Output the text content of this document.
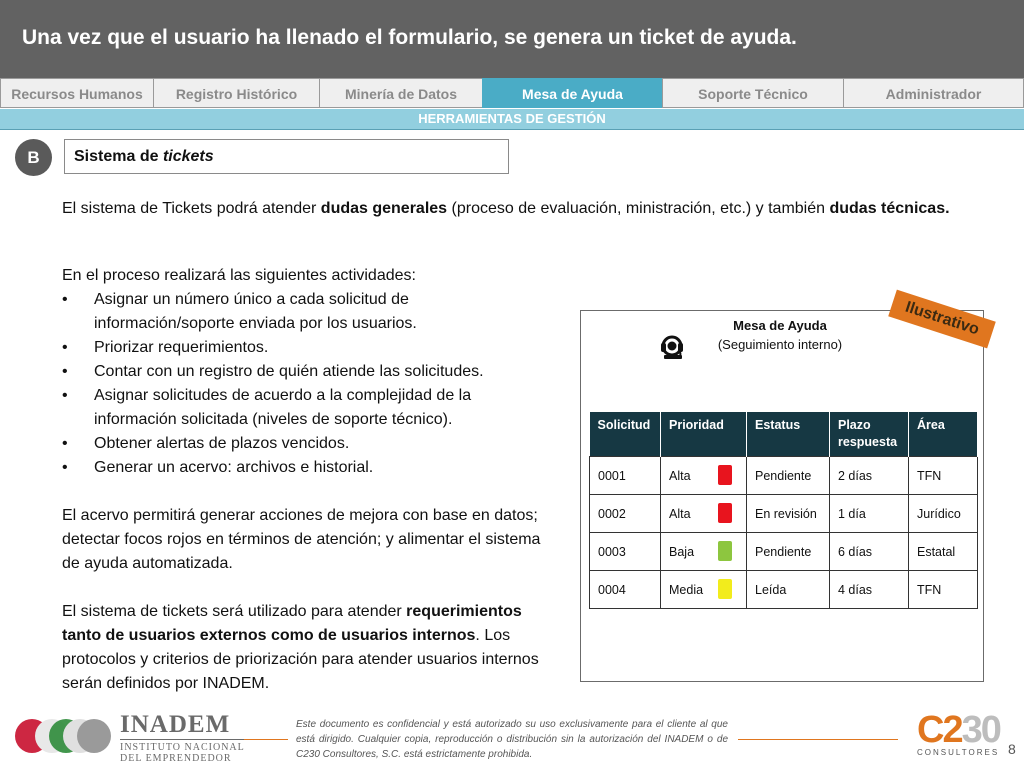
Una vez que el usuario ha llenado el formulario, se genera un ticket de ayuda.
Recursos Humanos	Registro Histórico	Minería de Datos	Mesa de Ayuda	Soporte Técnico	Administrador
HERRAMIENTAS DE GESTIÓN
B	Sistema de tickets
El sistema de Tickets podrá atender dudas generales (proceso de evaluación, ministración, etc.) y también dudas técnicas.
En el proceso realizará las siguientes actividades:
• Asignar un número único a cada solicitud de información/soporte enviada por los usuarios.
• Priorizar requerimientos.
• Contar con un registro de quién atiende las solicitudes.
• Asignar solicitudes de acuerdo a la complejidad de la información solicitada (niveles de soporte técnico).
• Obtener alertas de plazos vencidos.
• Generar un acervo: archivos e historial.
El acervo permitirá generar acciones de mejora con base en datos; detectar focos rojos en términos de atención; y alimentar el sistema de ayuda automatizada.
El sistema de tickets será utilizado para atender requerimientos tanto de usuarios externos como de usuarios internos. Los protocolos y criterios de priorización para atender usuarios internos serán definidos por INADEM.
Ilustrativo
Mesa de Ayuda
(Seguimiento interno)
Solicitud	Prioridad	Estatus	Plazo respuesta	Área
0001	Alta	Pendiente	2 días	TFN
0002	Alta	En revisión	1 día	Jurídico
0003	Baja	Pendiente	6 días	Estatal
0004	Media	Leída	4 días	TFN
INADEM
INSTITUTO NACIONAL
DEL EMPRENDEDOR
Este documento es confidencial y está autorizado su uso exclusivamente para el cliente al que está dirigido. Cualquier copia, reproducción o distribución sin la autorización del INADEM o de C230 Consultores, S.C. está estrictamente prohibida.
C230
CONSULTORES 8
